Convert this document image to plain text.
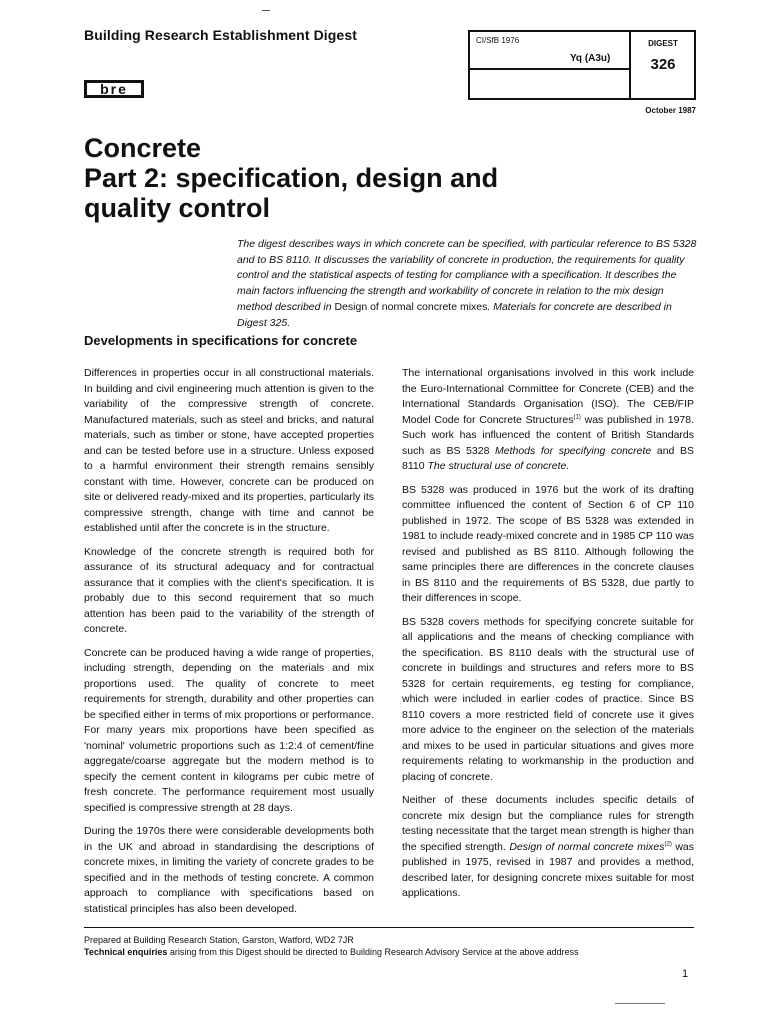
Building Research Establishment Digest
bre
CI/SfB 1976
Yq (A3u)
DIGEST
326
October 1987
Concrete
Part 2: specification, design and
quality control
The digest describes ways in which concrete can be specified, with particular reference to BS 5328 and to BS 8110. It discusses the variability of concrete in production, the requirements for quality control and the statistical aspects of testing for compliance with a specification. It describes the main factors influencing the strength and workability of concrete in relation to the mix design method described in Design of normal concrete mixes. Materials for concrete are described in Digest 325.
Developments in specifications for concrete

Differences in properties occur in all constructional materials. In building and civil engineering much attention is given to the variability of the compressive strength of concrete. Manufactured materials, such as steel and bricks, and natural materials, such as timber or stone, have accepted properties and can be tested before use in a structure. Unless exposed to a harmful environment their strength remains sensibly constant with time. However, concrete can be produced on site or delivered ready-mixed and its properties, particularly its compressive strength, change with time and cannot be established until after the concrete is in the structure.

Knowledge of the concrete strength is required both for assurance of its structural adequacy and for contractual assurance that it complies with the client's specification. It is probably due to this second requirement that so much attention has been paid to the variability of the strength of concrete.

Concrete can be produced having a wide range of properties, including strength, depending on the materials and mix proportions used. The quality of concrete to meet requirements for strength, durability and other properties can be specified either in terms of mix proportions or performance. For many years mix proportions have been specified as 'nominal' volumetric proportions such as 1:2:4 of cement/fine aggregate/coarse aggregate but the modern method is to specify the cement content in kilograms per cubic metre of fresh concrete. The performance requirement most usually specified is compressive strength at 28 days.

During the 1970s there were considerable developments both in the UK and abroad in standardising the descriptions of concrete mixes, in limiting the variety of concrete grades to be specified and in the methods of testing concrete. A common approach to compliance with specifications based on statistical principles has also been developed.

The international organisations involved in this work include the Euro-International Committee for Concrete (CEB) and the International Standards Organisation (ISO). The CEB/FIP Model Code for Concrete Structures$^{(1)}$ was published in 1978. Such work has influenced the content of British Standards such as BS 5328 Methods for specifying concrete and BS 8110 The structural use of concrete.

BS 5328 was produced in 1976 but the work of its drafting committee influenced the content of Section 6 of CP 110 published in 1972. The scope of BS 5328 was extended in 1981 to include ready-mixed concrete and in 1985 CP 110 was revised and published as BS 8110. Although following the same principles there are differences in the concrete clauses in BS 8110 and the requirements of BS 5328, due partly to their differences in scope.

BS 5328 covers methods for specifying concrete suitable for all applications and the means of checking compliance with the specification. BS 8110 deals with the structural use of concrete in buildings and structures and refers more to BS 5328 for certain requirements, eg testing for compliance, which were included in earlier codes of practice. Since BS 8110 covers a more restricted field of concrete use it gives more advice to the engineer on the selection of the materials and mixes to be used in particular situations and gives more requirements relating to workmanship in the production and placing of concrete.

Neither of these documents includes specific details of concrete mix design but the compliance rules for strength testing necessitate that the target mean strength is higher than the specified strength. Design of normal concrete mixes$^{(2)}$ was published in 1975, revised in 1987 and provides a method, described later, for designing concrete mixes suitable for most applications.

Prepared at Building Research Station, Garston, Watford, WD2 7JR
Technical enquiries arising from this Digest should be directed to Building Research Advisory Service at the above address
1
